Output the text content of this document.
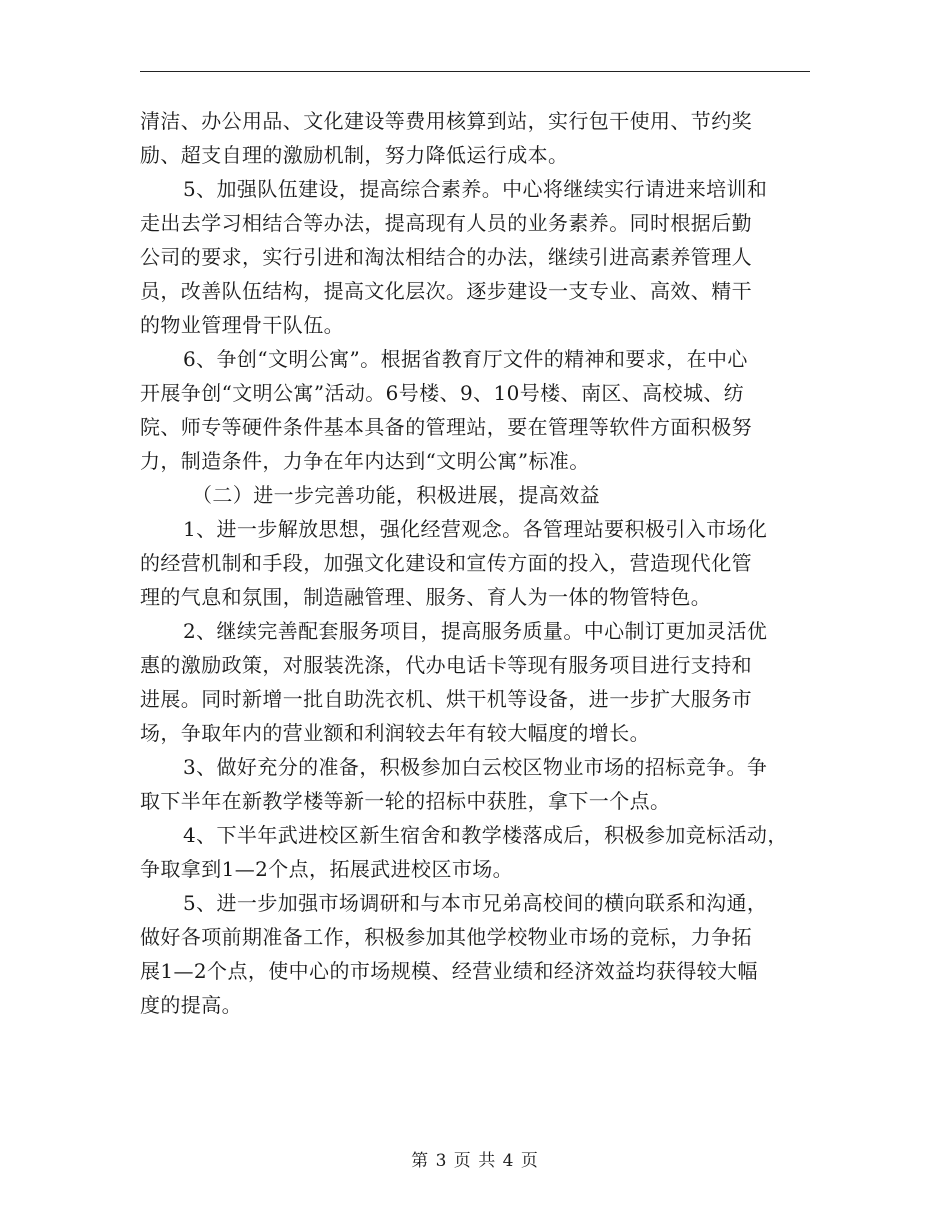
清洁、办公用品、文化建设等费用核算到站，实行包干使用、节约奖
励、超支自理的激励机制，努力降低运行成本。
5、加强队伍建设，提高综合素养。中心将继续实行请进来培训和
走出去学习相结合等办法，提高现有人员的业务素养。同时根据后勤
公司的要求，实行引进和淘汰相结合的办法，继续引进高素养管理人
员，改善队伍结构，提高文化层次。逐步建设一支专业、高效、精干
的物业管理骨干队伍。
6、争创“文明公寓”。根据省教育厅文件的精神和要求，在中心
开展争创“文明公寓”活动。6号楼、9、10号楼、南区、高校城、纺
院、师专等硬件条件基本具备的管理站，要在管理等软件方面积极努
力，制造条件，力争在年内达到“文明公寓”标准。
（二）进一步完善功能，积极进展，提高效益
1、进一步解放思想，强化经营观念。各管理站要积极引入市场化
的经营机制和手段，加强文化建设和宣传方面的投入，营造现代化管
理的气息和氛围，制造融管理、服务、育人为一体的物管特色。
2、继续完善配套服务项目，提高服务质量。中心制订更加灵活优
惠的激励政策，对服装洗涤，代办电话卡等现有服务项目进行支持和
进展。同时新增一批自助洗衣机、烘干机等设备，进一步扩大服务市
场，争取年内的营业额和利润较去年有较大幅度的增长。
3、做好充分的准备，积极参加白云校区物业市场的招标竞争。争
取下半年在新教学楼等新一轮的招标中获胜，拿下一个点。
4、下半年武进校区新生宿舍和教学楼落成后，积极参加竞标活动，
争取拿到1—2个点，拓展武进校区市场。
5、进一步加强市场调研和与本市兄弟高校间的横向联系和沟通，
做好各项前期准备工作，积极参加其他学校物业市场的竞标，力争拓
展1—2个点，使中心的市场规模、经营业绩和经济效益均获得较大幅
度的提高。
第 3 页 共 4 页
